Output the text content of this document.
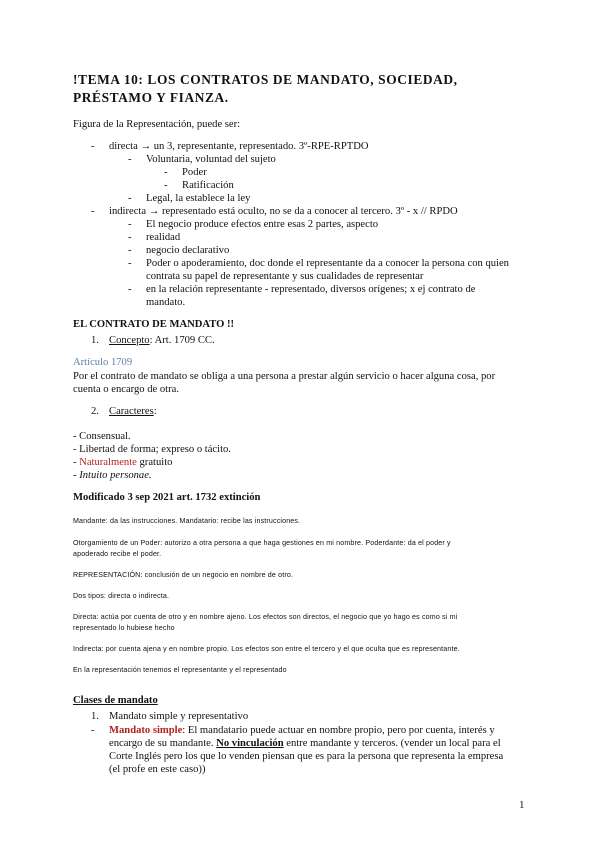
!TEMA 10: LOS CONTRATOS DE MANDATO, SOCIEDAD, PRÉSTAMO Y FIANZA.

Figura de la Representación, puede ser:

- directa → un 3, representante, representado. 3º-RPE-RPTDO

- Voluntaria, voluntad del sujeto

- Poder

- Ratificación

- Legal, la establece la ley

- indirecta → representado está oculto, no se da a conocer al tercero. 3º - x // RPDO

- El negocio produce efectos entre esas 2 partes, aspecto

- realidad

- negocio declarativo

- Poder o apoderamiento, doc donde el representante da a conocer la persona con quien

contrata su papel de representante y sus cualidades de representar

- en la relación representante - representado, diversos orígenes; x ej contrato de

mandato.

EL CONTRATO DE MANDATO !!

1. Concepto: Art. 1709 CC.

Artículo 1709

Por el contrato de mandato se obliga a una persona a prestar algún servicio o hacer alguna cosa, por

cuenta o encargo de otra.

2. Caracteres:

- Consensual.

- Libertad de forma; expreso o tácito.

- Naturalmente gratuito

- Intuito personae.

Modificado 3 sep 2021 art. 1732 extinción

Mandante: da las instrucciones. Mandatario: recibe las instrucciones.

Otorgamiento de un Poder: autorizo a otra persona a que haga gestiones en mi nombre. Poderdante: da el poder y

apoderado recibe el poder.

REPRESENTACIÓN: conclusión de un negocio en nombre de otro.

Dos tipos: directa o indirecta.

Directa: actúa por cuenta de otro y en nombre ajeno. Los efectos son directos, el negocio que yo hago es como si mi

representado lo hubiese hecho

Indirecta: por cuenta ajena y en nombre propio. Los efectos son entre el tercero y el que oculta que es representante.

En la representación tenemos el representante y el representado

Clases de mandato

1. Mandato simple y representativo

- Mandato simple: El mandatario puede actuar en nombre propio, pero por cuenta, interés y

encargo de su mandante. No vinculación entre mandante y terceros. (vender un local para el

Corte Inglés pero los que lo venden piensan que es para la persona que representa la empresa

(el profe en este caso))

1
